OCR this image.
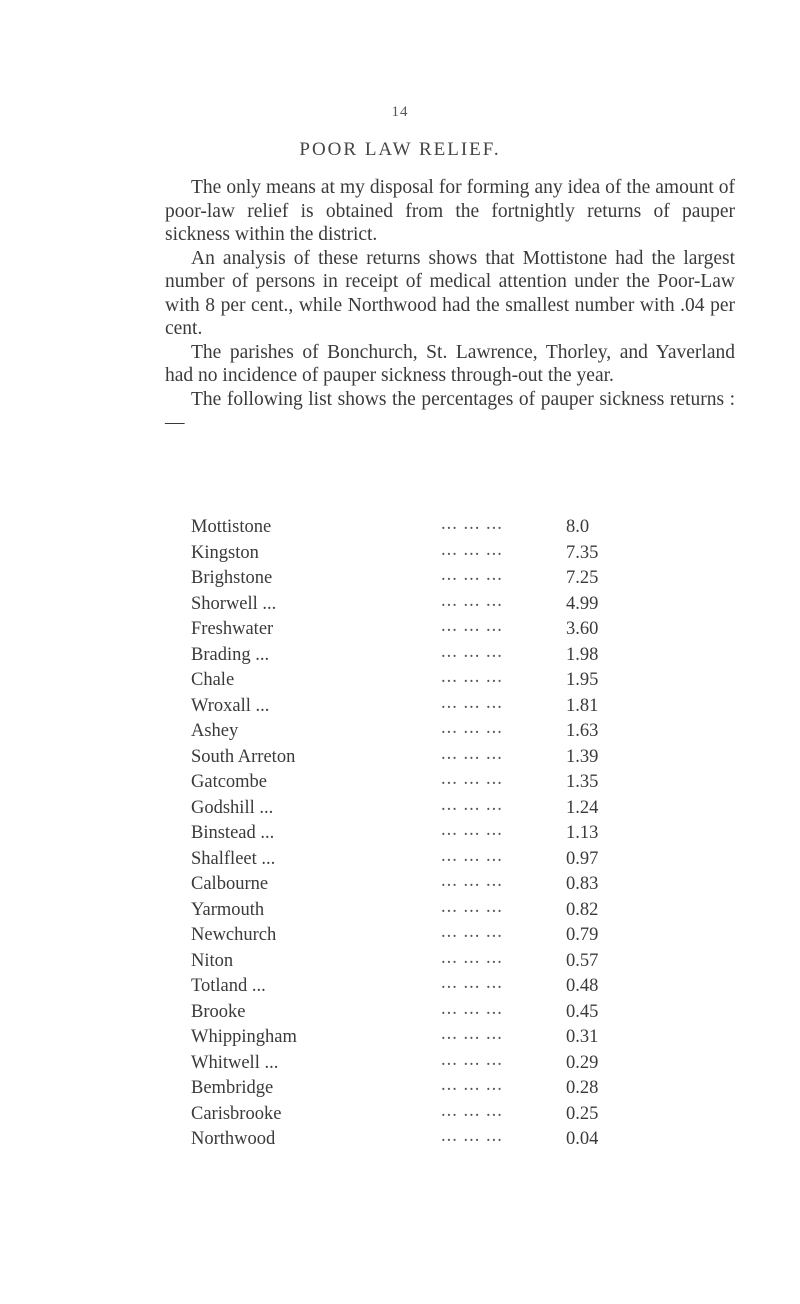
14
POOR LAW RELIEF.

The only means at my disposal for forming any idea of the amount of poor-law relief is obtained from the fortnightly returns of pauper sickness within the district.

An analysis of these returns shows that Mottistone had the largest number of persons in receipt of medical attention under the Poor-Law with 8 per cent., while Northwood had the smallest number with .04 per cent.

The parishes of Bonchurch, St. Lawrence, Thorley, and Yaverland had no incidence of pauper sickness through-out the year.

The following list shows the percentages of pauper sickness returns :—

Mottistone	... ... ...	8.0
Kingston	... ... ...	7.35
Brighstone	... ... ...	7.25
Shorwell ...	... ... ...	4.99
Freshwater	... ... ...	3.60
Brading ...	... ... ...	1.98
Chale	... ... ...	1.95
Wroxall ...	... ... ...	1.81
Ashey	... ... ...	1.63
South Arreton	... ... ...	1.39
Gatcombe	... ... ...	1.35
Godshill ...	... ... ...	1.24
Binstead ...	... ... ...	1.13
Shalfleet ...	... ... ...	0.97
Calbourne	... ... ...	0.83
Yarmouth	... ... ...	0.82
Newchurch	... ... ...	0.79
Niton	... ... ...	0.57
Totland ...	... ... ...	0.48
Brooke	... ... ...	0.45
Whippingham	... ... ...	0.31
Whitwell ...	... ... ...	0.29
Bembridge	... ... ...	0.28
Carisbrooke	... ... ...	0.25
Northwood	... ... ...	0.04
